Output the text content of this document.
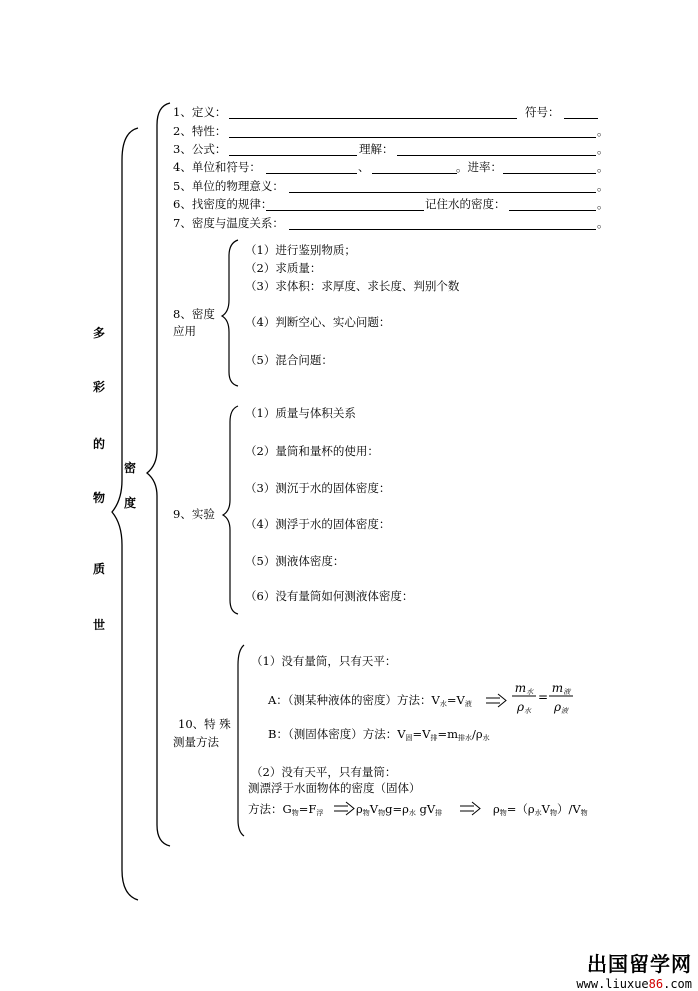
多
彩
的
物
质
世
密
度
1、定义：	符号：
2、特性：	。
3、公式：	理解：	。
4、单位和符号：	、	。进率：	。
5、单位的物理意义：	。
6、找密度的规律：	记住水的密度：	。
7、密度与温度关系：	。
8、密度
应用
（1）进行鉴别物质；
（2）求质量：
（3）求体积：求厚度、求长度、判别个数
（4）判断空心、实心问题：
（5）混合问题：
9、实验
（1）质量与体积关系
（2）量筒和量杯的使用：
（3）测沉于水的固体密度：
（4）测浮于水的固体密度：
（5）测液体密度：
（6）没有量筒如何测液体密度：
10、特 殊
测量方法
（1）没有量筒，只有天平：
A：（测某种液体的密度）方法：$V_水=V_液$
$m_水$
$\rho_水$
=
$m_液$
$\rho_液$
B：（测固体密度）方法：$V_固=V_排=m_{排水}/\rho_水$
（2）没有天平，只有量筒：
测漂浮于水面物体的密度（固体）
方法：$G_物=F_浮$	$\rho_物V_物g=\rho_水$ $gV_排$	$\rho_物=(\rho_水V_物)/V_物$
出国留学网
www.liuxue86.com
